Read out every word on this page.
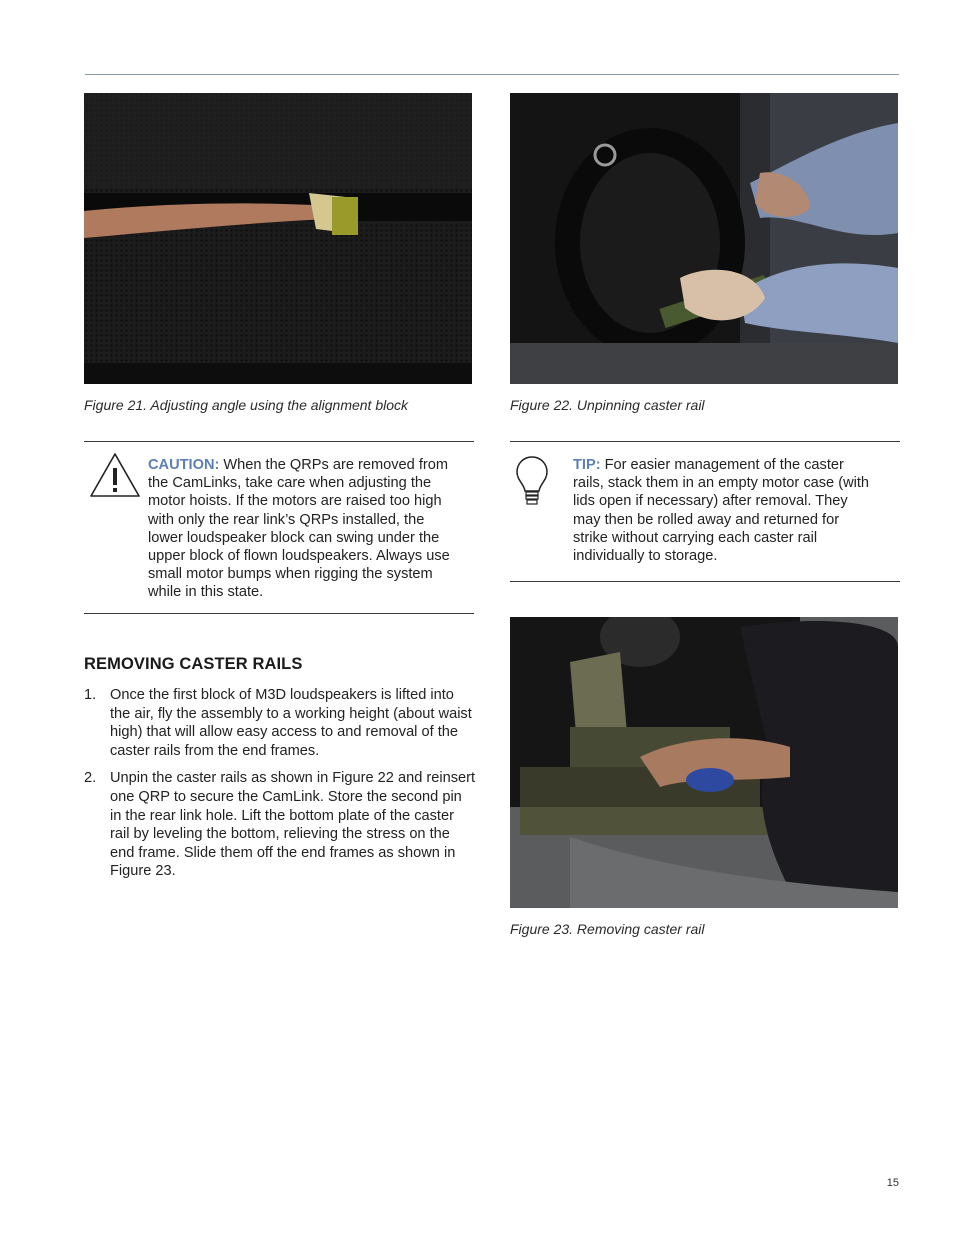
Figure 21. Adjusting angle using the alignment block	Figure 22. Unpinning caster rail
CAUTION: When the QRPs are removed from the CamLinks, take care when adjusting the motor hoists. If the motors are raised too high with only the rear link’s QRPs installed, the lower loudspeaker block can swing under the upper block of flown loudspeakers. Always use small motor bumps when rigging the system while in this state.
TIP: For easier management of the caster rails, stack them in an empty motor case (with lids open if necessary) after removal. They may then be rolled away and returned for strike without carrying each caster rail individually to storage.
REMOVING CASTER RAILS
1. Once the first block of M3D loudspeakers is lifted into the air, fly the assembly to a working height (about waist high) that will allow easy access to and removal of the caster rails from the end frames.
2. Unpin the caster rails as shown in Figure 22 and reinsert one QRP to secure the CamLink. Store the second pin in the rear link hole. Lift the bottom plate of the caster rail by leveling the bottom, relieving the stress on the end frame. Slide them off the end frames as shown in Figure 23.
Figure 23. Removing caster rail
15
